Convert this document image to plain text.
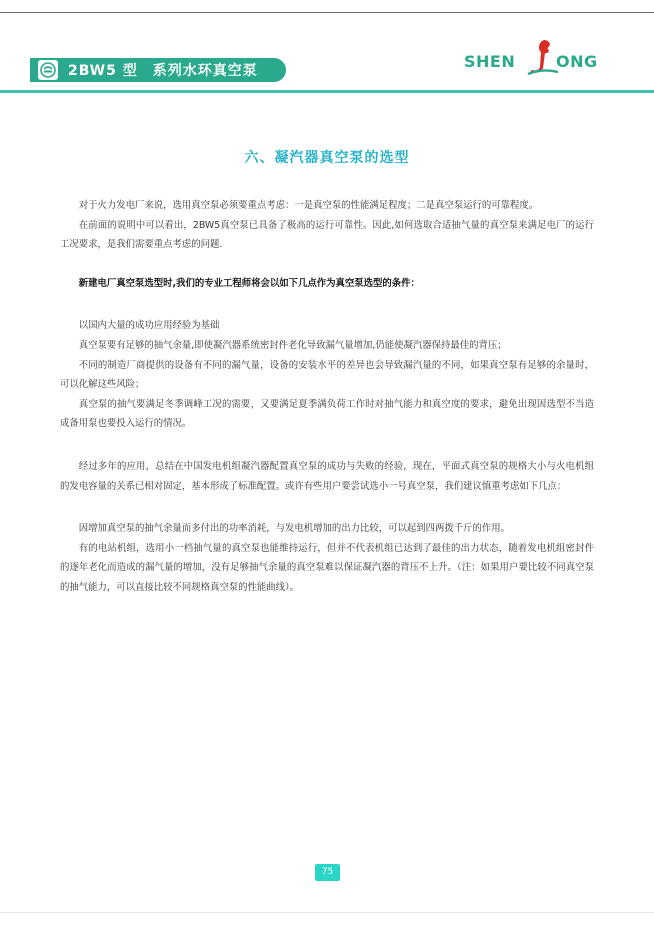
2BW5 型　系列水环真空泵	SHEN	ONG
六、凝汽器真空泵的选型

对于火力发电厂来说，选用真空泵必须要重点考虑：一是真空泵的性能满足程度；二是真空泵运行的可靠程度。

在前面的说明中可以看出，2BW5真空泵已具备了极高的运行可靠性。因此,如何选取合适抽气量的真空泵来满足电厂的运行工况要求，是我们需要重点考虑的问题.

新建电厂真空泵选型时,我们的专业工程师将会以如下几点作为真空泵选型的条件：

以国内大量的成功应用经验为基础

真空泵要有足够的抽气余量,即使凝汽器系统密封件老化导致漏气量增加,仍能使凝汽器保持最佳的背压；

不同的制造厂商提供的设备有不同的漏气量，设备的安装水平的差异也会导致漏汽量的不同，如果真空泵有足够的余量时，可以化解这些风险；

真空泵的抽气要满足冬季调峰工况的需要，又要满足夏季满负荷工作时对抽气能力和真空度的要求，避免出现因选型不当造成备用泵也要投入运行的情况。

经过多年的应用，总结在中国发电机组凝汽器配置真空泵的成功与失败的经验，现在，平面式真空泵的规格大小与火电机组的发电容量的关系已相对固定，基本形成了标准配置。或许有些用户要尝试选小一号真空泵，我们建议慎重考虑如下几点：

因增加真空泵的抽气余量而多付出的功率消耗，与发电机增加的出力比较，可以起到四两拨千斤的作用。

有的电站机组，选用小一档抽气量的真空泵也能维持运行，但并不代表机组已达到了最佳的出力状态，随着发电机组密封件的逐年老化而造成的漏气量的增加，没有足够抽气余量的真空泵难以保证凝汽器的背压不上升。（注：如果用户要比较不同真空泵的抽气能力，可以直接比较不同规格真空泵的性能曲线）。

75
